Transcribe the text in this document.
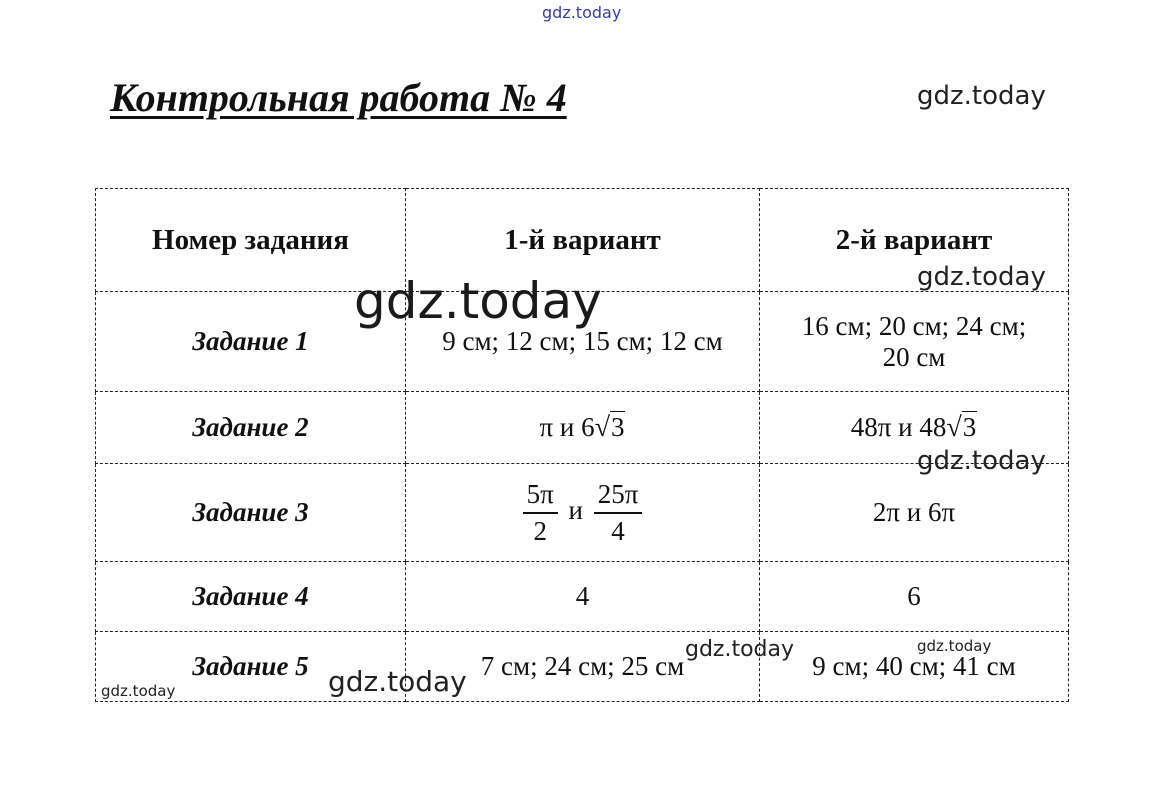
gdz.today
Контрольная работа № 4
Номер задания	1-й вариант	2-й вариант
Задание 1	9 см; 12 см; 15 см; 12 см	16 см; 20 см; 24 см;
20 см
Задание 2	π и 6√3	48π и 48√3
Задание 3	$\frac{5\pi}{2}$ и $\frac{25\pi}{4}$	2π и 6π
Задание 4	4	6
Задание 5	7 см; 24 см; 25 см	9 см; 40 см; 41 см
gdz.today
gdz.today
gdz.today
gdz.today
gdz.today	gdz.today
gdz.today
gdz.today
